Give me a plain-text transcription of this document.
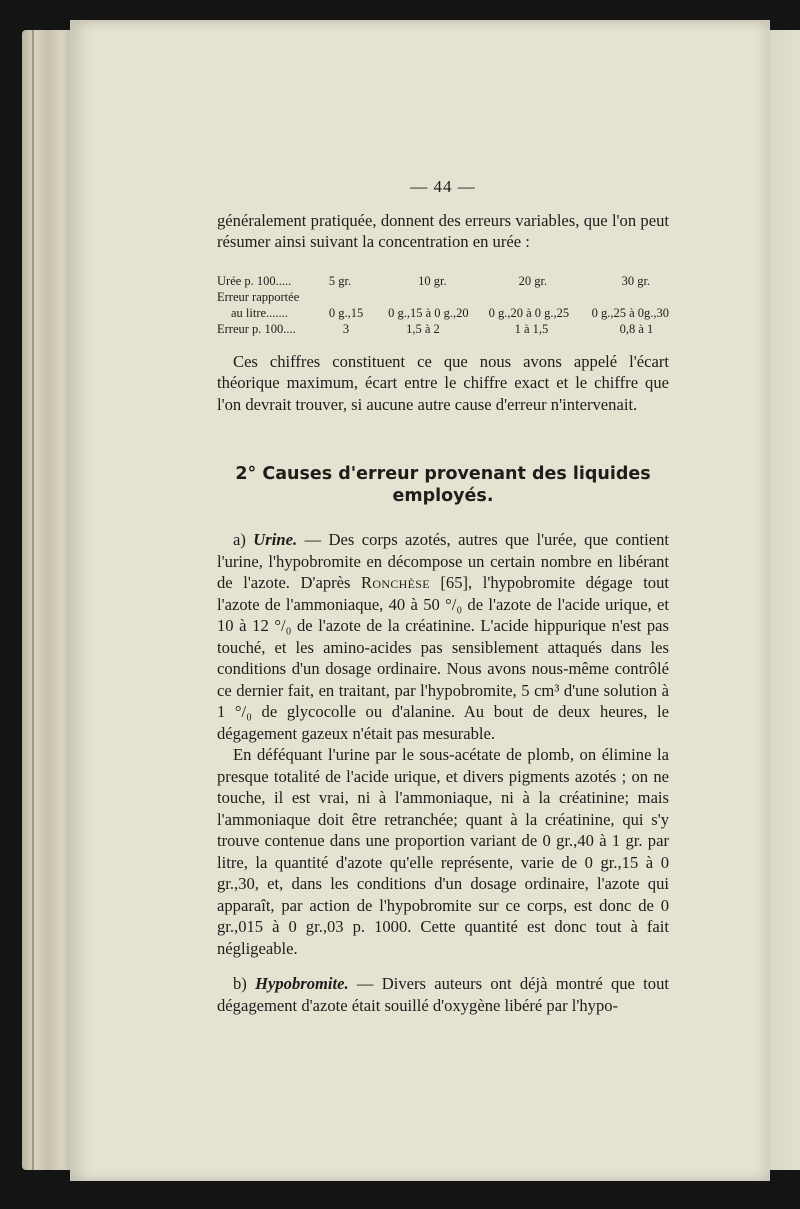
— 44 —

généralement pratiquée, donnent des erreurs variables, que l'on peut résumer ainsi suivant la concentration en urée :

Urée p. 100.....	5 gr.	10 gr.	20 gr.	30 gr.
Erreur rapportée				
au litre.......	0 g.,15	0 g.,15 à 0 g.,20	0 g.,20 à 0 g.,25	0 g.,25 à 0g.,30
Erreur p. 100....	3	1,5 à 2	1 à 1,5	0,8 à 1

Ces chiffres constituent ce que nous avons appelé l'écart théorique maximum, écart entre le chiffre exact et le chiffre que l'on devrait trouver, si aucune autre cause d'erreur n'intervenait.

2° Causes d'erreur provenant des liquides employés.

a) Urine. — Des corps azotés, autres que l'urée, que contient l'urine, l'hypobromite en décompose un certain nombre en libérant de l'azote. D'après Ronchèse [65], l'hypobromite dégage tout l'azote de l'ammoniaque, 40 à 50 °/₀ de l'azote de l'acide urique, et 10 à 12 °/₀ de l'azote de la créatinine. L'acide hippurique n'est pas touché, et les amino-acides pas sensiblement attaqués dans les conditions d'un dosage ordinaire. Nous avons nous-même contrôlé ce dernier fait, en traitant, par l'hypobromite, 5 cm³ d'une solution à 1 °/₀ de glycocolle ou d'alanine. Au bout de deux heures, le dégagement gazeux n'était pas mesurable.

En déféquant l'urine par le sous-acétate de plomb, on élimine la presque totalité de l'acide urique, et divers pigments azotés ; on ne touche, il est vrai, ni à l'ammoniaque, ni à la créatinine; mais l'ammoniaque doit être retranchée; quant à la créatinine, qui s'y trouve contenue dans une proportion variant de 0 gr.,40 à 1 gr. par litre, la quantité d'azote qu'elle représente, varie de 0 gr.,15 à 0 gr.,30, et, dans les conditions d'un dosage ordinaire, l'azote qui apparaît, par action de l'hypobromite sur ce corps, est donc de 0 gr.,015 à 0 gr.,03 p. 1000. Cette quantité est donc tout à fait négligeable.

b) Hypobromite. — Divers auteurs ont déjà montré que tout dégagement d'azote était souillé d'oxygène libéré par l'hypo-
